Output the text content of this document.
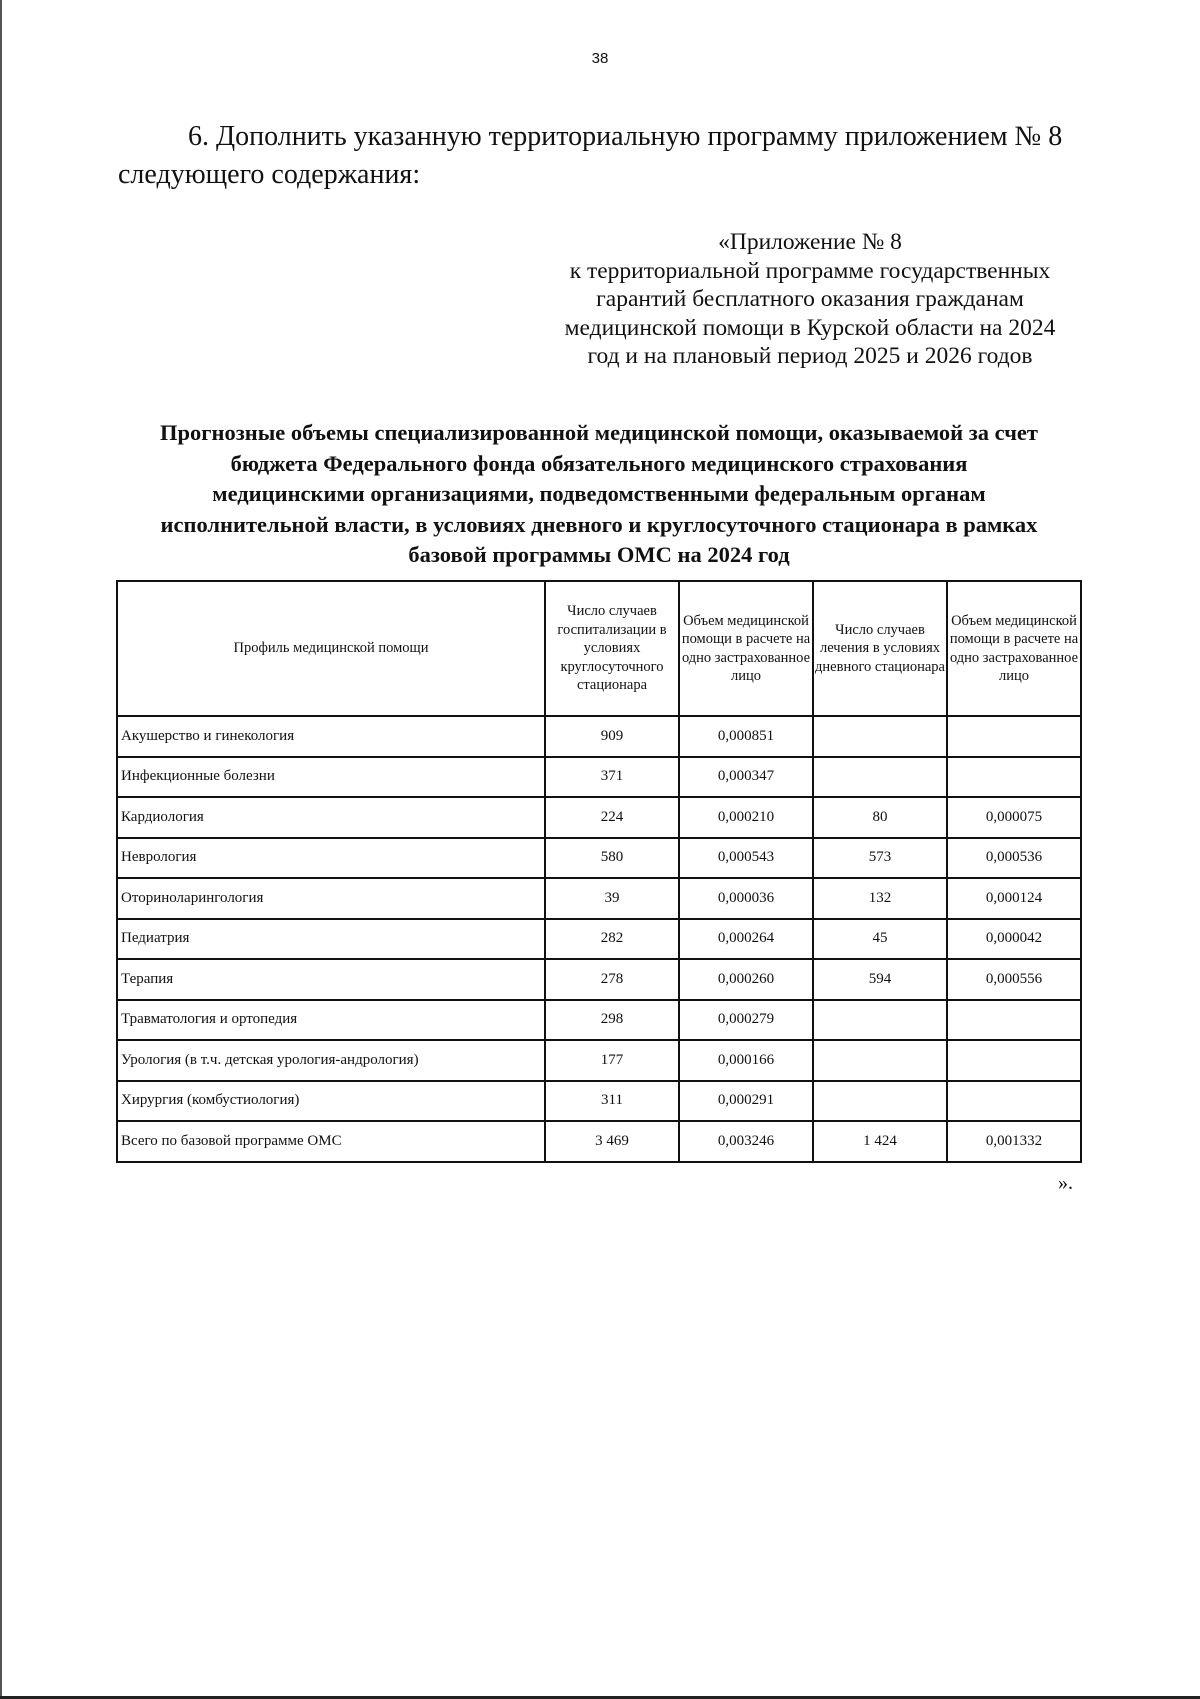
38
6. Дополнить указанную территориальную программу приложением № 8
следующего содержания:
«Приложение № 8
к территориальной программе государственных
гарантий бесплатного оказания гражданам
медицинской помощи в Курской области на 2024
год и на плановый период 2025 и 2026 годов
Прогнозные объемы специализированной медицинской помощи, оказываемой за счет
бюджета Федерального фонда обязательного медицинского страхования
медицинскими организациями, подведомственными федеральным органам
исполнительной власти, в условиях дневного и круглосуточного стационара в рамках
базовой программы ОМС на 2024 год
Профиль медицинской помощи	Число случаев госпитализации в условиях круглосуточного стационара	Объем медицинской помощи в расчете на одно застрахованное лицо	Число случаев лечения в условиях дневного стационара	Объем медицинской помощи в расчете на одно застрахованное лицо
Акушерство и гинекология	909	0,000851		
Инфекционные болезни	371	0,000347		
Кардиология	224	0,000210	80	0,000075
Неврология	580	0,000543	573	0,000536
Оториноларингология	39	0,000036	132	0,000124
Педиатрия	282	0,000264	45	0,000042
Терапия	278	0,000260	594	0,000556
Травматология и ортопедия	298	0,000279		
Урология (в т.ч. детская урология-андрология)	177	0,000166		
Хирургия (комбустиология)	311	0,000291		
Всего по базовой программе ОМС	3 469	0,003246	1 424	0,001332
».
